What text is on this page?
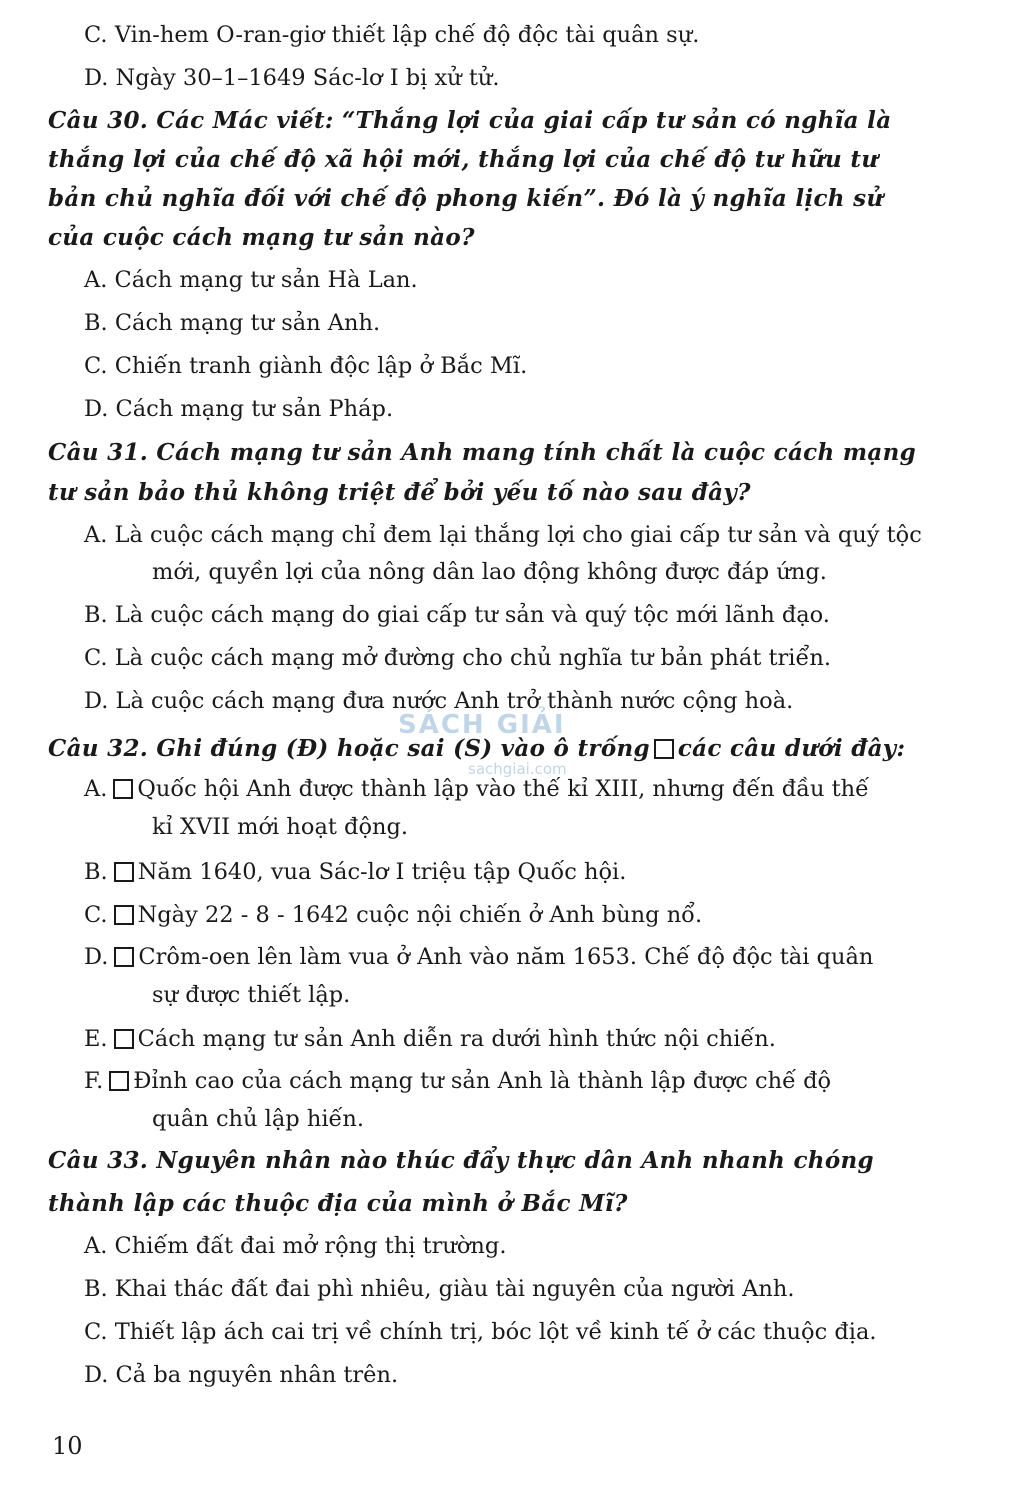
C. Vin-hem O-ran-giơ thiết lập chế độ độc tài quân sự.
D. Ngày 30–1–1649 Sác-lơ I bị xử tử.
Câu 30. Các Mác viết: “Thắng lợi của giai cấp tư sản có nghĩa là
thắng lợi của chế độ xã hội mới, thắng lợi của chế độ tư hữu tư
bản chủ nghĩa đối với chế độ phong kiến”. Đó là ý nghĩa lịch sử
của cuộc cách mạng tư sản nào?
A. Cách mạng tư sản Hà Lan.
B. Cách mạng tư sản Anh.
C. Chiến tranh giành độc lập ở Bắc Mĩ.
D. Cách mạng tư sản Pháp.
Câu 31. Cách mạng tư sản Anh mang tính chất là cuộc cách mạng
tư sản bảo thủ không triệt để bởi yếu tố nào sau đây?
A. Là cuộc cách mạng chỉ đem lại thắng lợi cho giai cấp tư sản và quý tộc
mới, quyền lợi của nông dân lao động không được đáp ứng.
B. Là cuộc cách mạng do giai cấp tư sản và quý tộc mới lãnh đạo.
C. Là cuộc cách mạng mở đường cho chủ nghĩa tư bản phát triển.
D. Là cuộc cách mạng đưa nước Anh trở thành nước cộng hoà.
Câu 32. Ghi đúng (Đ) hoặc sai (S) vào ô trống các câu dưới đây:
A. Quốc hội Anh được thành lập vào thế kỉ XIII, nhưng đến đầu thế
kỉ XVII mới hoạt động.
B. Năm 1640, vua Sác-lơ I triệu tập Quốc hội.
C. Ngày 22 - 8 - 1642 cuộc nội chiến ở Anh bùng nổ.
D. Crôm-oen lên làm vua ở Anh vào năm 1653. Chế độ độc tài quân
sự được thiết lập.
E. Cách mạng tư sản Anh diễn ra dưới hình thức nội chiến.
F. Đỉnh cao của cách mạng tư sản Anh là thành lập được chế độ
quân chủ lập hiến.
Câu 33. Nguyên nhân nào thúc đẩy thực dân Anh nhanh chóng
thành lập các thuộc địa của mình ở Bắc Mĩ?
A. Chiếm đất đai mở rộng thị trường.
B. Khai thác đất đai phì nhiêu, giàu tài nguyên của người Anh.
C. Thiết lập ách cai trị về chính trị, bóc lột về kinh tế ở các thuộc địa.
D. Cả ba nguyên nhân trên.
SÁCH GIẢI
sachgiai.com
10
